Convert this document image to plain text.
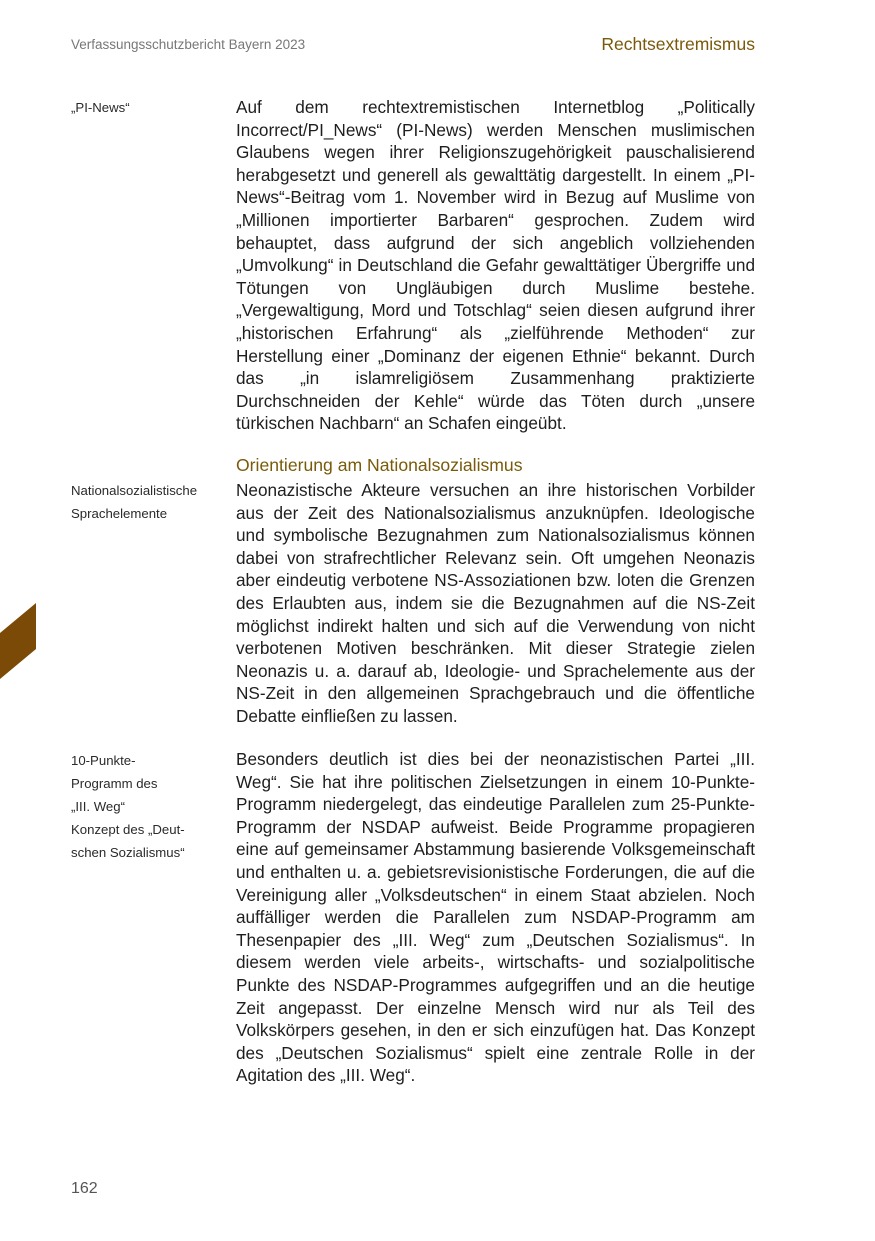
Verfassungsschutzbericht Bayern 2023	Rechtsextremismus
„PI-News“
Nationalsozialistische
Sprachelemente
10-Punkte-
Programm des
„III. Weg“
Konzept des „Deut-
schen Sozialismus“

Auf dem rechtextremistischen Internetblog „Politically Incorrect/PI_News“ (PI-News) werden Menschen muslimischen Glaubens wegen ihrer Religionszugehörigkeit pauschalisierend herabgesetzt und generell als gewalttätig dargestellt. In einem „PI-News“-Beitrag vom 1. November wird in Bezug auf Muslime von „Millionen importierter Barbaren“ gesprochen. Zudem wird behauptet, dass aufgrund der sich angeblich vollziehenden „Umvolkung“ in Deutschland die Gefahr gewalttätiger Übergriffe und Tötungen von Ungläubigen durch Muslime bestehe. „Vergewaltigung, Mord und Totschlag“ seien diesen aufgrund ihrer „historischen Erfahrung“ als „zielführende Methoden“ zur Herstellung einer „Dominanz der eigenen Ethnie“ bekannt. Durch das „in islamreligiösem Zusammenhang praktizierte Durchschneiden der Kehle“ würde das Töten durch „unsere türkischen Nachbarn“ an Schafen eingeübt.

Orientierung am Nationalsozialismus

Neonazistische Akteure versuchen an ihre historischen Vorbilder aus der Zeit des Nationalsozialismus anzuknüpfen. Ideologische und symbolische Bezugnahmen zum Nationalsozialismus können dabei von strafrechtlicher Relevanz sein. Oft umgehen Neonazis aber eindeutig verbotene NS-Assoziationen bzw. loten die Grenzen des Erlaubten aus, indem sie die Bezugnahmen auf die NS-Zeit möglichst indirekt halten und sich auf die Verwendung von nicht verbotenen Motiven beschränken. Mit dieser Strategie zielen Neonazis u. a. darauf ab, Ideologie- und Sprachelemente aus der NS-Zeit in den allgemeinen Sprachgebrauch und die öffentliche Debatte einfließen zu lassen.

Besonders deutlich ist dies bei der neonazistischen Partei „III. Weg“. Sie hat ihre politischen Zielsetzungen in einem 10-Punkte-Programm niedergelegt, das eindeutige Parallelen zum 25-Punkte-Programm der NSDAP aufweist. Beide Programme propagieren eine auf gemeinsamer Abstammung basierende Volksgemeinschaft und enthalten u. a. gebietsrevisionistische Forderungen, die auf die Vereinigung aller „Volksdeutschen“ in einem Staat abzielen. Noch auffälliger werden die Parallelen zum NSDAP-Programm am Thesenpapier des „III. Weg“ zum „Deutschen Sozialismus“. In diesem werden viele arbeits-, wirtschafts- und sozialpolitische Punkte des NSDAP-Programmes aufgegriffen und an die heutige Zeit angepasst. Der einzelne Mensch wird nur als Teil des Volkskörpers gesehen, in den er sich einzufügen hat. Das Konzept des „Deutschen Sozialismus“ spielt eine zentrale Rolle in der Agitation des „III. Weg“.

162
